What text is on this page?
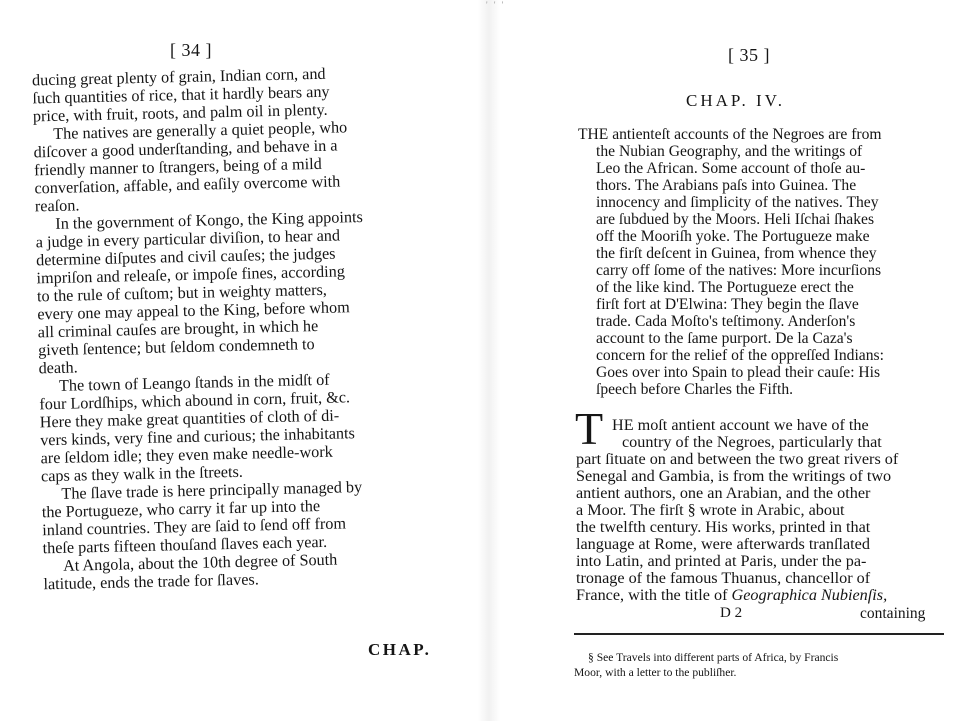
[ 34 ]
ducing great plenty of grain, Indian corn, and
ſuch quantities of rice, that it hardly bears any
price, with fruit, roots, and palm oil in plenty.
The natives are generally a quiet people, who
diſcover a good underſtanding, and behave in a
friendly manner to ſtrangers, being of a mild
converſation, affable, and eaſily overcome with
reaſon.
In the government of Kongo, the King appoints
a judge in every particular diviſion, to hear and
determine diſputes and civil cauſes; the judges
impriſon and releaſe, or impoſe fines, according
to the rule of cuſtom; but in weighty matters,
every one may appeal to the King, before whom
all criminal cauſes are brought, in which he
giveth ſentence; but ſeldom condemneth to
death.
The town of Leango ſtands in the midſt of
four Lordſhips, which abound in corn, fruit, &c.
Here they make great quantities of cloth of di-
vers kinds, very fine and curious; the inhabitants
are ſeldom idle; they even make needle-work
caps as they walk in the ſtreets.
The ſlave trade is here principally managed by
the Portugueze, who carry it far up into the
inland countries. They are ſaid to ſend off from
theſe parts fifteen thouſand ſlaves each year.
At Angola, about the 10th degree of South
latitude, ends the trade for ſlaves.
CHAP.
' ' '
[ 35 ]
CHAP. IV.
THE antienteſt accounts of the Negroes are from
the Nubian Geography, and the writings of
Leo the African. Some account of thoſe au-
thors. The Arabians paſs into Guinea. The
innocency and ſimplicity of the natives. They
are ſubdued by the Moors. Heli Iſchai ſhakes
off the Mooriſh yoke. The Portugueze make
the firſt deſcent in Guinea, from whence they
carry off ſome of the natives: More incurſions
of the like kind. The Portugueze erect the
firſt fort at D'Elwina: They begin the ſlave
trade. Cada Moſto's teſtimony. Anderſon's
account to the ſame purport. De la Caza's
concern for the relief of the oppreſſed Indians:
Goes over into Spain to plead their cauſe: His
ſpeech before Charles the Fifth.
T HE moſt antient account we have of the
country of the Negroes, particularly that
part ſituate on and between the two great rivers of
Senegal and Gambia, is from the writings of two
antient authors, one an Arabian, and the other
a Moor. The firſt § wrote in Arabic, about
the twelfth century. His works, printed in that
language at Rome, were afterwards tranſlated
into Latin, and printed at Paris, under the pa-
tronage of the famous Thuanus, chancellor of
France, with the title of Geographica Nubienſis,
D 2	containing
§ See Travels into different parts of Africa, by Francis
Moor, with a letter to the publiſher.
